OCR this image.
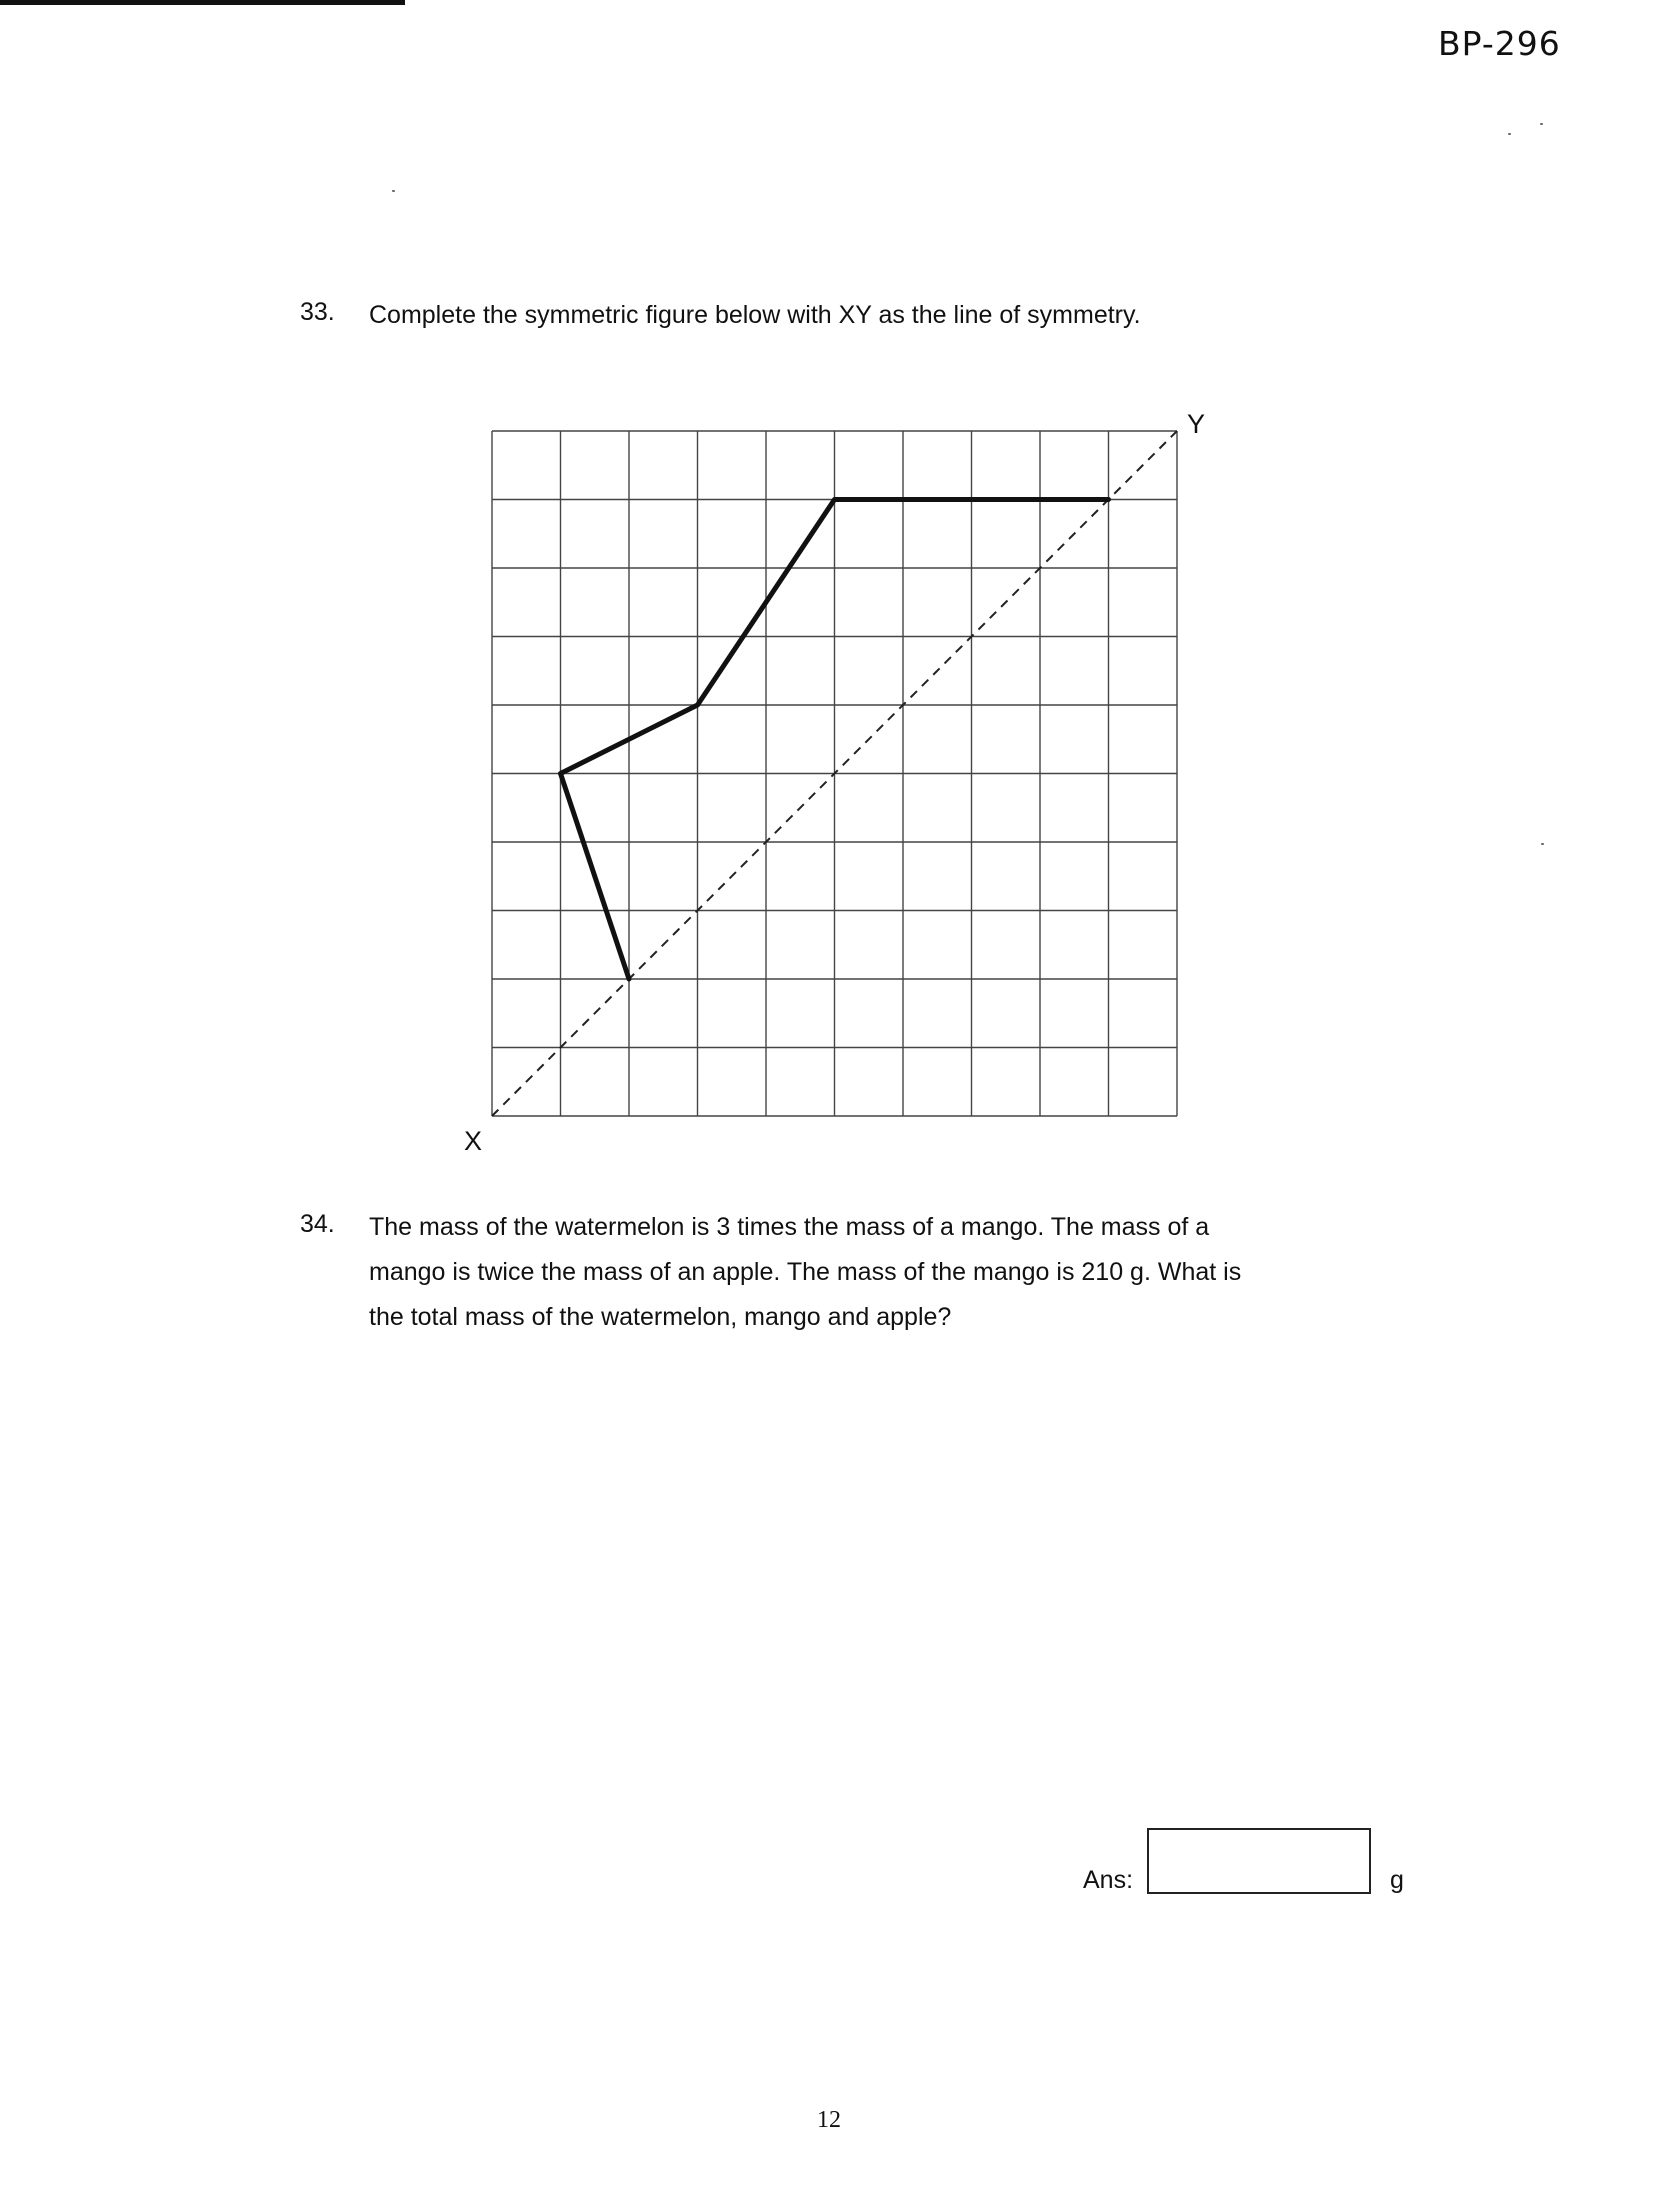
BP-296
33. Complete the symmetric figure below with XY as the line of symmetry.
Y
X
34. The mass of the watermelon is 3 times the mass of a mango. The mass of a
mango is twice the mass of an apple. The mass of the mango is 210 g. What is
the total mass of the watermelon, mango and apple?
Ans:	g
12
